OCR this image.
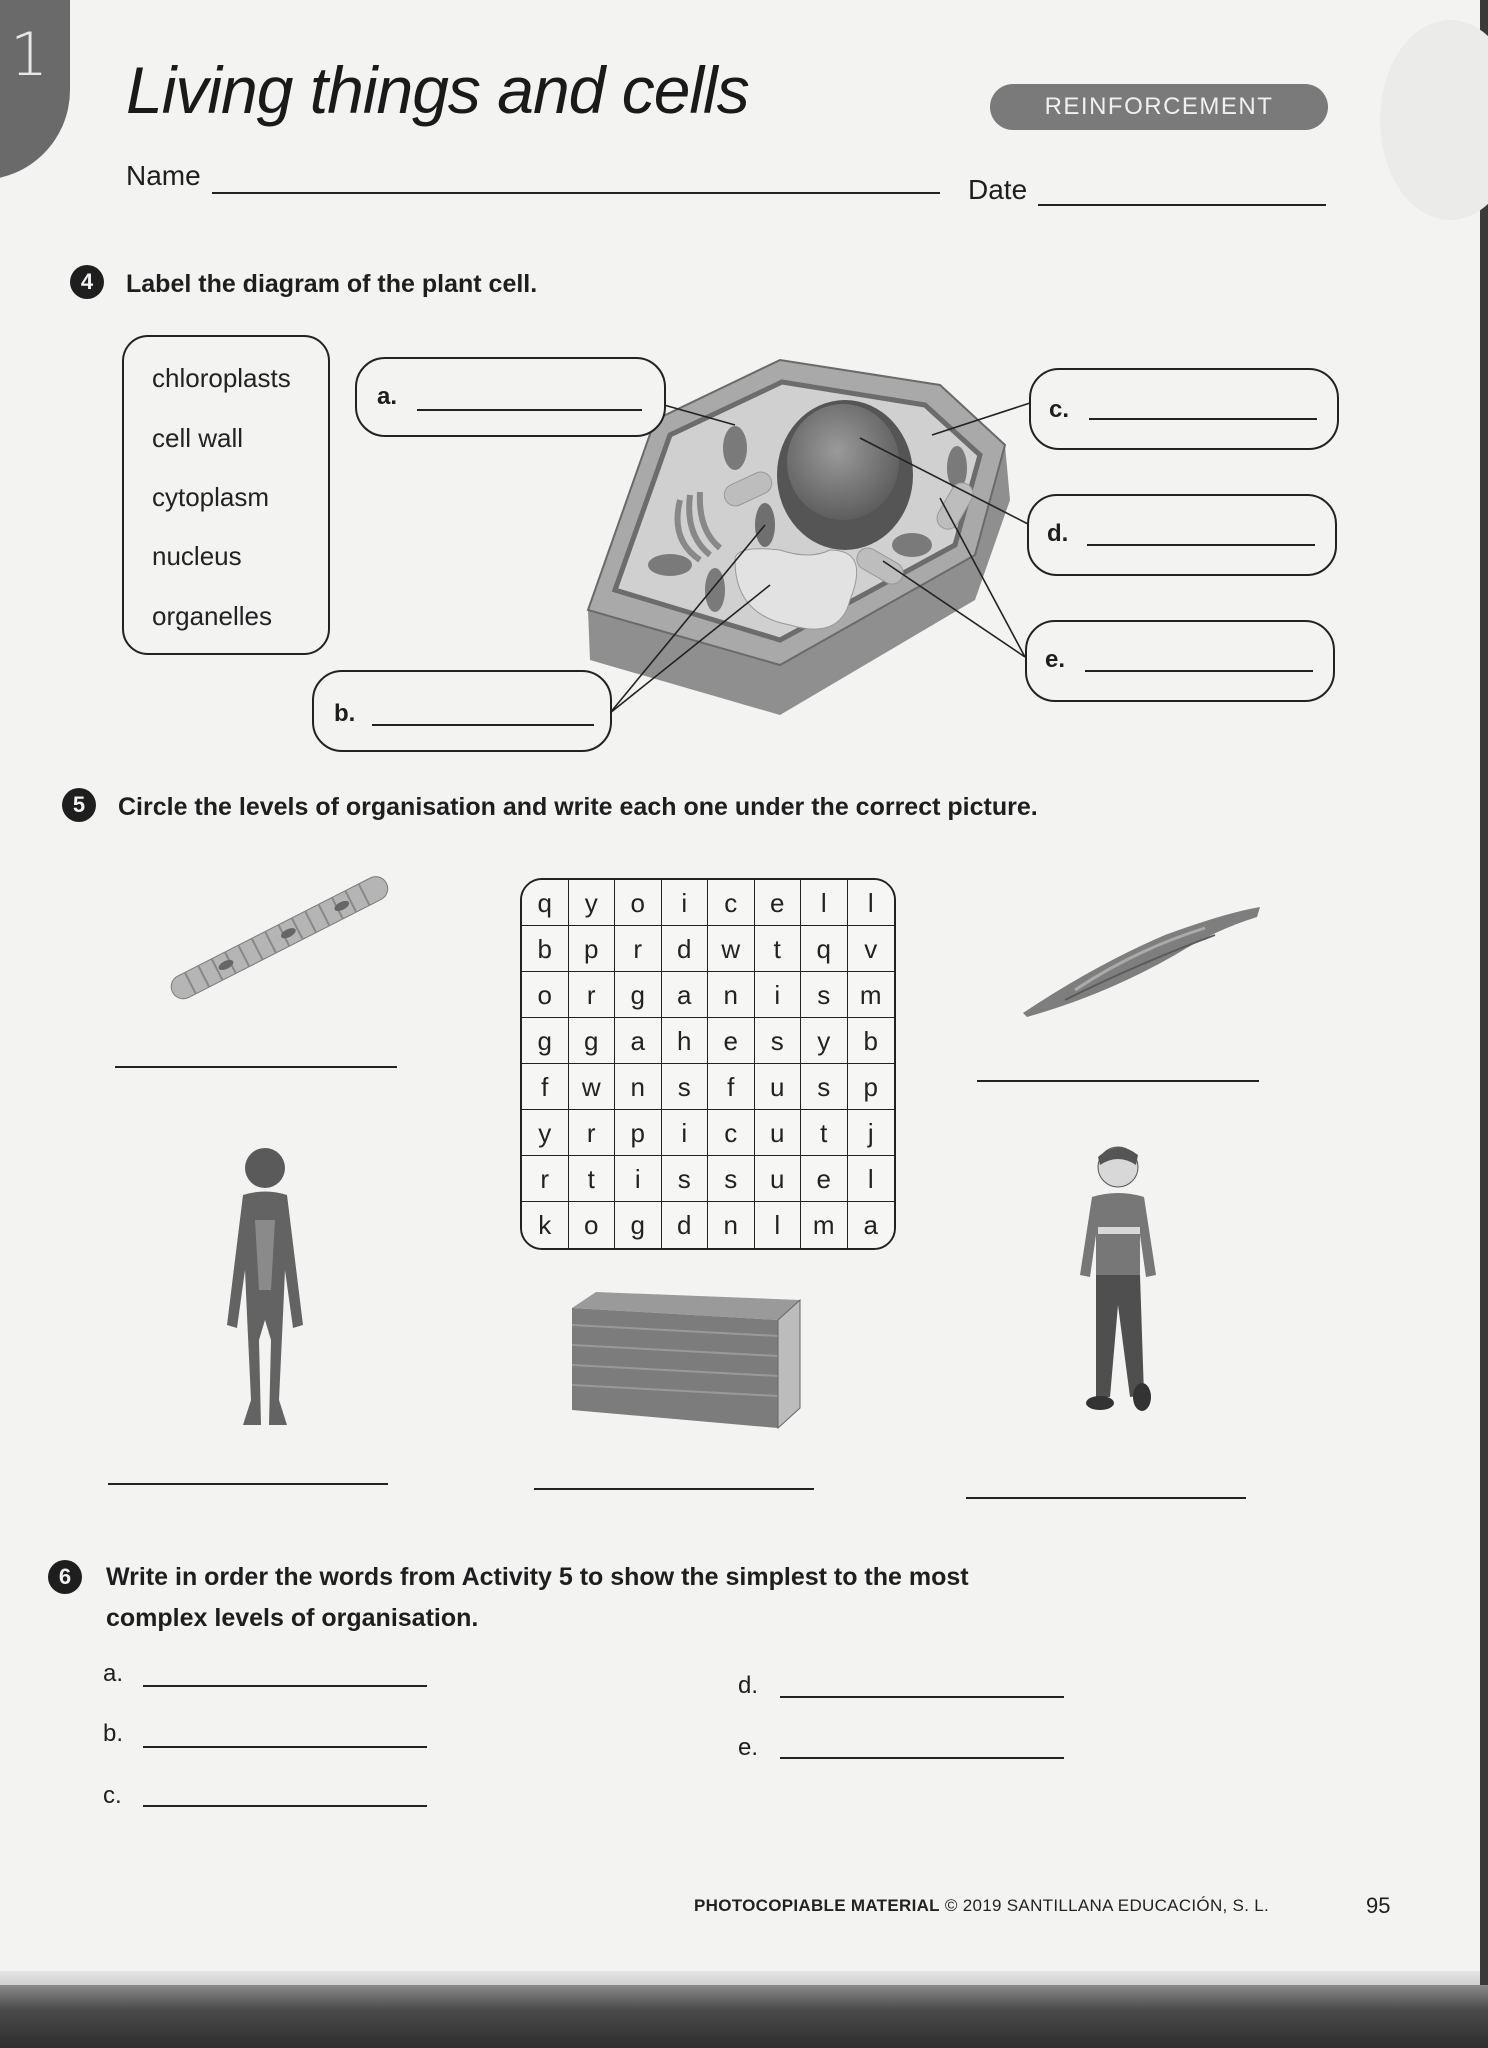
1 Living things and cells	REINFORCEMENT
Name	Date
4	Label the diagram of the plant cell.
chloroplasts
cell wall
cytoplasm
nucleus
organelles
a.
b.
c.
d.
e.
5	Circle the levels of organisation and write each one under the correct picture.
q	y	o	i	c	e	l	l
b	p	r	d	w	t	q	v
o	r	g	a	n	i	s	m
g	g	a	h	e	s	y	b
f	w	n	s	f	u	s	p
y	r	p	i	c	u	t	j
r	t	i	s	s	u	e	l
k	o	g	d	n	l	m	a
6	Write in order the words from Activity 5 to show the simplest to the most
complex levels of organisation.
a.
b.
c.
d.
e.
PHOTOCOPIABLE MATERIAL © 2019 SANTILLANA EDUCACIÓN, S. L.	95
